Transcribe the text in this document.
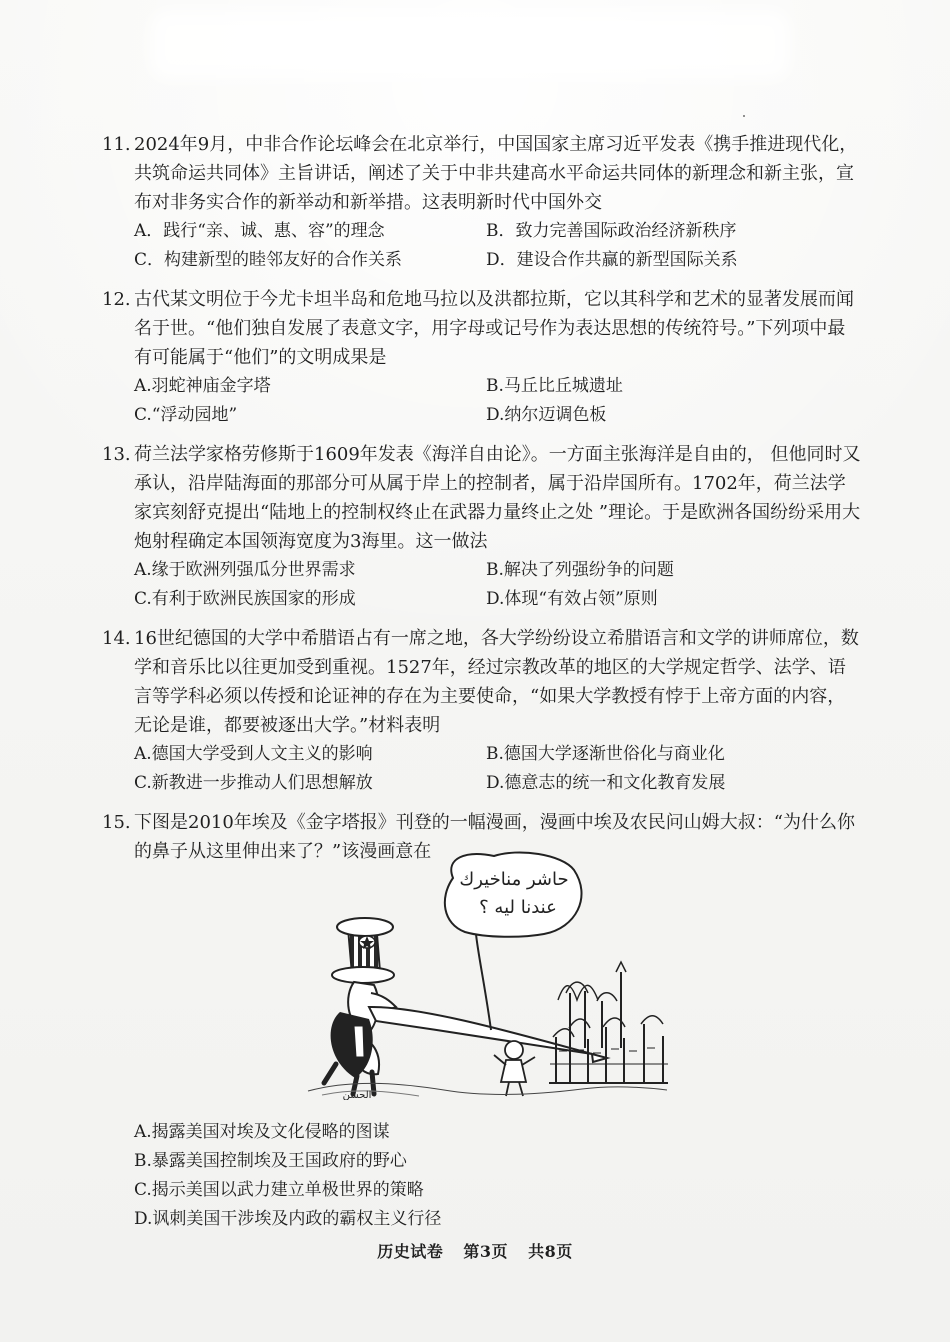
11. 2024年9月，中非合作论坛峰会在北京举行，中国国家主席习近平发表《携手推进现代化，共筑命运共同体》主旨讲话，阐述了关于中非共建高水平命运共同体的新理念和新主张，宣布对非务实合作的新举动和新举措。这表明新时代中国外交
A．践行“亲、诚、惠、容”的理念	B．致力完善国际政治经济新秩序
C．构建新型的睦邻友好的合作关系	D．建设合作共赢的新型国际关系
12. 古代某文明位于今尤卡坦半岛和危地马拉以及洪都拉斯，它以其科学和艺术的显著发展而闻名于世。“他们独自发展了表意文字，用字母或记号作为表达思想的传统符号。”下列项中最有可能属于“他们”的文明成果是
A.羽蛇神庙金字塔	B.马丘比丘城遗址
C.“浮动园地”	D.纳尔迈调色板
13. 荷兰法学家格劳修斯于1609年发表《海洋自由论》。一方面主张海洋是自由的， 但他同时又承认，沿岸陆海面的那部分可从属于岸上的控制者，属于沿岸国所有。1702年，荷兰法学家宾刻舒克提出“陆地上的控制权终止在武器力量终止之处 ”理论。于是欧洲各国纷纷采用大炮射程确定本国领海宽度为3海里。这一做法
A.缘于欧洲列强瓜分世界需求	B.解决了列强纷争的问题
C.有利于欧洲民族国家的形成	D.体现“有效占领”原则
14. 16世纪德国的大学中希腊语占有一席之地，各大学纷纷设立希腊语言和文学的讲师席位，数学和音乐比以往更加受到重视。1527年，经过宗教改革的地区的大学规定哲学、法学、语言等学科必须以传授和论证神的存在为主要使命，“如果大学教授有悖于上帝方面的内容，无论是谁，都要被逐出大学。”材料表明
A.德国大学受到人文主义的影响	B.德国大学逐渐世俗化与商业化
C.新教进一步推动人们思想解放	D.德意志的统一和文化教育发展
15. 下图是2010年埃及《金字塔报》刊登的一幅漫画，漫画中埃及农民问山姆大叔：“为什么你的鼻子从这里伸出来了？”该漫画意在
حاشر مناخيرك
عندنا ليه ؟
الحسن
A.揭露美国对埃及文化侵略的图谋
B.暴露美国控制埃及王国政府的野心
C.揭示美国以武力建立单极世界的策略
D.讽刺美国干涉埃及内政的霸权主义行径
历史试卷 第3页 共8页
